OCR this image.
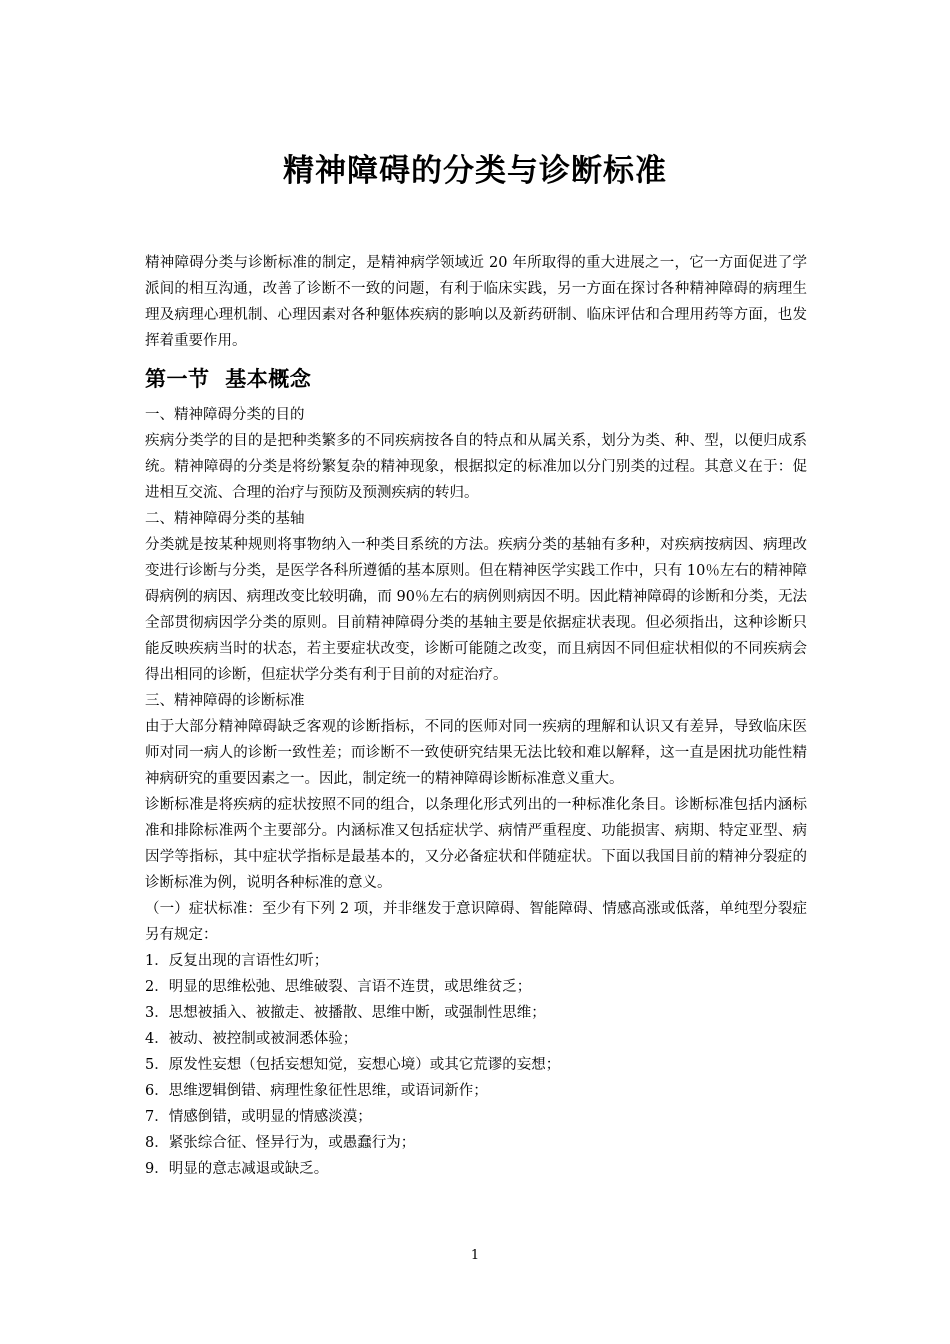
精神障碍的分类与诊断标准

精神障碍分类与诊断标准的制定，是精神病学领域近 20 年所取得的重大进展之一，它一方面促进了学派间的相互沟通，改善了诊断不一致的问题，有利于临床实践，另一方面在探讨各种精神障碍的病理生理及病理心理机制、心理因素对各种躯体疾病的影响以及新药研制、临床评估和合理用药等方面，也发挥着重要作用。

第一节 基本概念

一、精神障碍分类的目的

疾病分类学的目的是把种类繁多的不同疾病按各自的特点和从属关系，划分为类、种、型，以便归成系统。精神障碍的分类是将纷繁复杂的精神现象，根据拟定的标准加以分门别类的过程。其意义在于：促进相互交流、合理的治疗与预防及预测疾病的转归。

二、精神障碍分类的基轴

分类就是按某种规则将事物纳入一种类目系统的方法。疾病分类的基轴有多种，对疾病按病因、病理改变进行诊断与分类，是医学各科所遵循的基本原则。但在精神医学实践工作中，只有 10％左右的精神障碍病例的病因、病理改变比较明确，而 90％左右的病例则病因不明。因此精神障碍的诊断和分类，无法全部贯彻病因学分类的原则。目前精神障碍分类的基轴主要是依据症状表现。但必须指出，这种诊断只能反映疾病当时的状态，若主要症状改变，诊断可能随之改变，而且病因不同但症状相似的不同疾病会得出相同的诊断，但症状学分类有利于目前的对症治疗。

三、精神障碍的诊断标准

由于大部分精神障碍缺乏客观的诊断指标，不同的医师对同一疾病的理解和认识又有差异，导致临床医师对同一病人的诊断一致性差；而诊断不一致使研究结果无法比较和难以解释，这一直是困扰功能性精神病研究的重要因素之一。因此，制定统一的精神障碍诊断标准意义重大。

诊断标准是将疾病的症状按照不同的组合，以条理化形式列出的一种标准化条目。诊断标准包括内涵标准和排除标准两个主要部分。内涵标准又包括症状学、病情严重程度、功能损害、病期、特定亚型、病因学等指标，其中症状学指标是最基本的，又分必备症状和伴随症状。下面以我国目前的精神分裂症的诊断标准为例，说明各种标准的意义。

（一）症状标准：至少有下列 2 项，并非继发于意识障碍、智能障碍、情感高涨或低落，单纯型分裂症另有规定：

1．反复出现的言语性幻听；

2．明显的思维松弛、思维破裂、言语不连贯，或思维贫乏；

3．思想被插入、被撤走、被播散、思维中断，或强制性思维；

4．被动、被控制或被洞悉体验；

5．原发性妄想（包括妄想知觉，妄想心境）或其它荒谬的妄想；

6．思维逻辑倒错、病理性象征性思维，或语词新作；

7．情感倒错，或明显的情感淡漠；

8．紧张综合征、怪异行为，或愚蠢行为；

9．明显的意志减退或缺乏。

1
